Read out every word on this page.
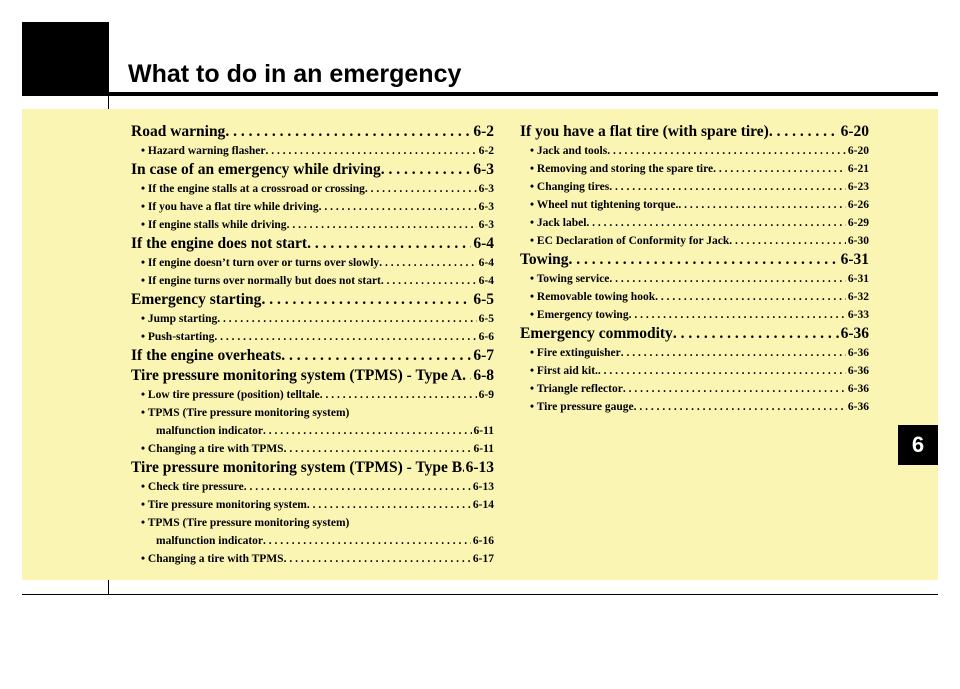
What to do in an emergency
6
Road warning . . .	6-2
• Hazard warning flasher . . .	6-2
In case of an emergency while driving . . .	6-3
• If the engine stalls at a crossroad or crossing . . .	6-3
• If you have a flat tire while driving . . .	6-3
• If engine stalls while driving . . .	6-3
If the engine does not start . . .	6-4
• If engine doesn’t turn over or turns over slowly . . .	6-4
• If engine turns over normally but does not start . . .	6-4
Emergency starting . . .	6-5
• Jump starting . . .	6-5
• Push-starting . . .	6-6
If the engine overheats . . .	6-7
Tire pressure monitoring system (TPMS) - Type A . . . 6-8
• Low tire pressure (position) telltale . . .	6-9
• TPMS (Tire pressure monitoring system)
malfunction indicator . . .	6-11
• Changing a tire with TPMS . . .	6-11
Tire pressure monitoring system (TPMS) - Type B . . . 6-13
• Check tire pressure . . .	6-13
• Tire pressure monitoring system . . .	6-14
• TPMS (Tire pressure monitoring system)
malfunction indicator . . .	6-16
• Changing a tire with TPMS . . .	6-17
If you have a flat tire (with spare tire) . . .	6-20
• Jack and tools . . .	6-20
• Removing and storing the spare tire . . .	6-21
• Changing tires . . .	6-23
• Wheel nut tightening torque. . . .	6-26
• Jack label . . .	6-29
• EC Declaration of Conformity for Jack . . .	6-30
Towing . . .	6-31
• Towing service . . .	6-31
• Removable towing hook . . .	6-32
• Emergency towing . . .	6-33
Emergency commodity . . .	6-36
• Fire extinguisher . . .	6-36
• First aid kit. . . .	6-36
• Triangle reflector . . .	6-36
• Tire pressure gauge . . .	6-36
